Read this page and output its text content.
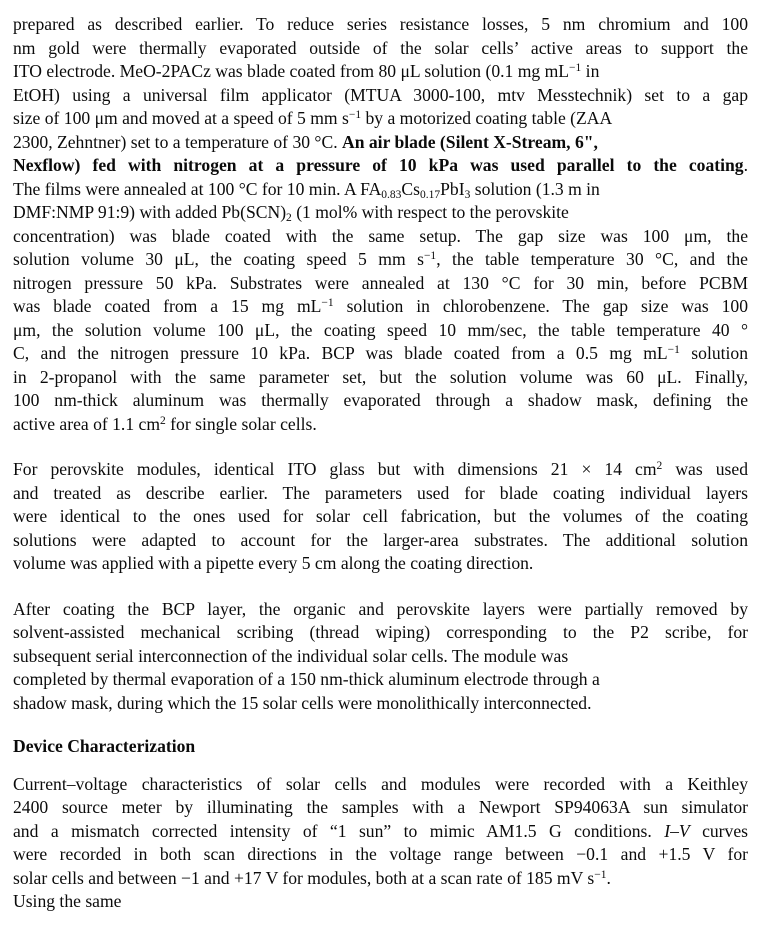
prepared as described earlier. To reduce series resistance losses, 5 nm chromium and 100
nm gold were thermally evaporated outside of the solar cells’ active areas to support the
ITO electrode. MeO-2PACz was blade coated from 80 μL solution (0.1 mg $mL^{-1}$ in
EtOH) using a universal film applicator (MTUA 3000-100, mtv Messtechnik) set to a gap
size of 100 μm and moved at a speed of 5 mm $s^{-1}$ by a motorized coating table (ZAA
2300, Zehntner) set to a temperature of 30 °C. An air blade (Silent X-Stream, 6",
Nexflow) fed with nitrogen at a pressure of 10 kPa was used parallel to the coating.
The films were annealed at 100 °C for 10 min. A FA0.83Cs0.17PbI3 solution (1.3 m in
DMF:NMP 91:9) with added Pb(SCN)2 (1 mol% with respect to the perovskite
concentration) was blade coated with the same setup. The gap size was 100 μm, the
solution volume 30 μL, the coating speed 5 mm $s^{-1}$, the table temperature 30 °C, and the
nitrogen pressure 50 kPa. Substrates were annealed at 130 °C for 30 min, before PCBM
was blade coated from a 15 mg $mL^{-1}$ solution in chlorobenzene. The gap size was 100
μm, the solution volume 100 μL, the coating speed 10 mm/sec, the table temperature 40 °
C, and the nitrogen pressure 10 kPa. BCP was blade coated from a 0.5 mg $mL^{-1}$ solution
in 2-propanol with the same parameter set, but the solution volume was 60 μL. Finally,
100 nm-thick aluminum was thermally evaporated through a shadow mask, defining the
active area of 1.1 $cm^2$ for single solar cells.
For perovskite modules, identical ITO glass but with dimensions 21 × 14 $cm^2$ was used
and treated as describe earlier. The parameters used for blade coating individual layers
were identical to the ones used for solar cell fabrication, but the volumes of the coating
solutions were adapted to account for the larger-area substrates. The additional solution
volume was applied with a pipette every 5 cm along the coating direction.
After coating the BCP layer, the organic and perovskite layers were partially removed by
solvent-assisted mechanical scribing (thread wiping) corresponding to the P2 scribe, for
subsequent serial interconnection of the individual solar cells. The module was
completed by thermal evaporation of a 150 nm-thick aluminum electrode through a
shadow mask, during which the 15 solar cells were monolithically interconnected.
Device Characterization
Current–voltage characteristics of solar cells and modules were recorded with a Keithley
2400 source meter by illuminating the samples with a Newport SP94063A sun simulator
and a mismatch corrected intensity of “1 sun” to mimic AM1.5 G conditions. I–V curves
were recorded in both scan directions in the voltage range between −0.1 and +1.5 V for
solar cells and between −1 and +17 V for modules, both at a scan rate of 185 mV $s^{-1}$.
Using the same
